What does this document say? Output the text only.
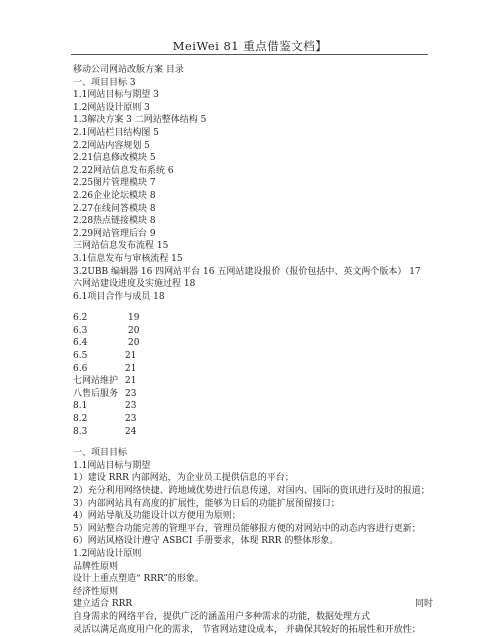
MeiWei 81 重点借鉴文档】
移动公司网站改版方案 目录
一、项目目标 3
1.1网站目标与期望 3
1.2网站设计原则 3
1.3解决方案 3 二网站整体结构 5
2.1网站栏目结构图 5
2.2网站内容规划 5
2.21信息修改模块 5
2.22网站信息发布系统 6
2.25图片管理模块 7
2.26企业论坛模块 8
2.27在线问答模块 8
2.28热点链接模块 8
2.29网站管理后台 9
三网站信息发布流程 15
3.1信息发布与审核流程 15
3.2UBB 编辑器 16 四网站平台 16 五网站建设报价（报价包括中、英文两个版本） 17
六网站建设进度及实施过程 18
6.1项目合作与成员 18
6.2	19
6.3	20
6.4	20
6.5	21
6.6	21
七网站维护 21
八售后服务 23
8.1	23
8.2	23
8.3	24
一、项目目标
1.1网站目标与期望
1）建设 RRR 内部网站，为企业员工提供信息的平台；
2）充分利用网络快捷、跨地域优势进行信息传递，对国内、国际的资讯进行及时的报道；
3）内部网站具有高度的扩展性，能够为日后的功能扩展预留接口；
4）网站导航及功能设计以方便用为原则；
5）网站整合功能完善的管理平台，管理员能够报方便的对网站中的动态内容进行更新；
6）网站风格设计遵守 ASBCI 手册要求，体现 RRR 的整体形象。
1.2网站设计原则
品牌性原则
设计上重点塑造“ RRR”的形象。
经济性原则
建立适合 RRR	同时
自身需求的网络平台，提供广泛的涵盖用户多种需求的功能，数据处理方式
灵活以满足高度用户化的需求， 节省网站建设成本， 并确保其较好的拓展性和开放性；
